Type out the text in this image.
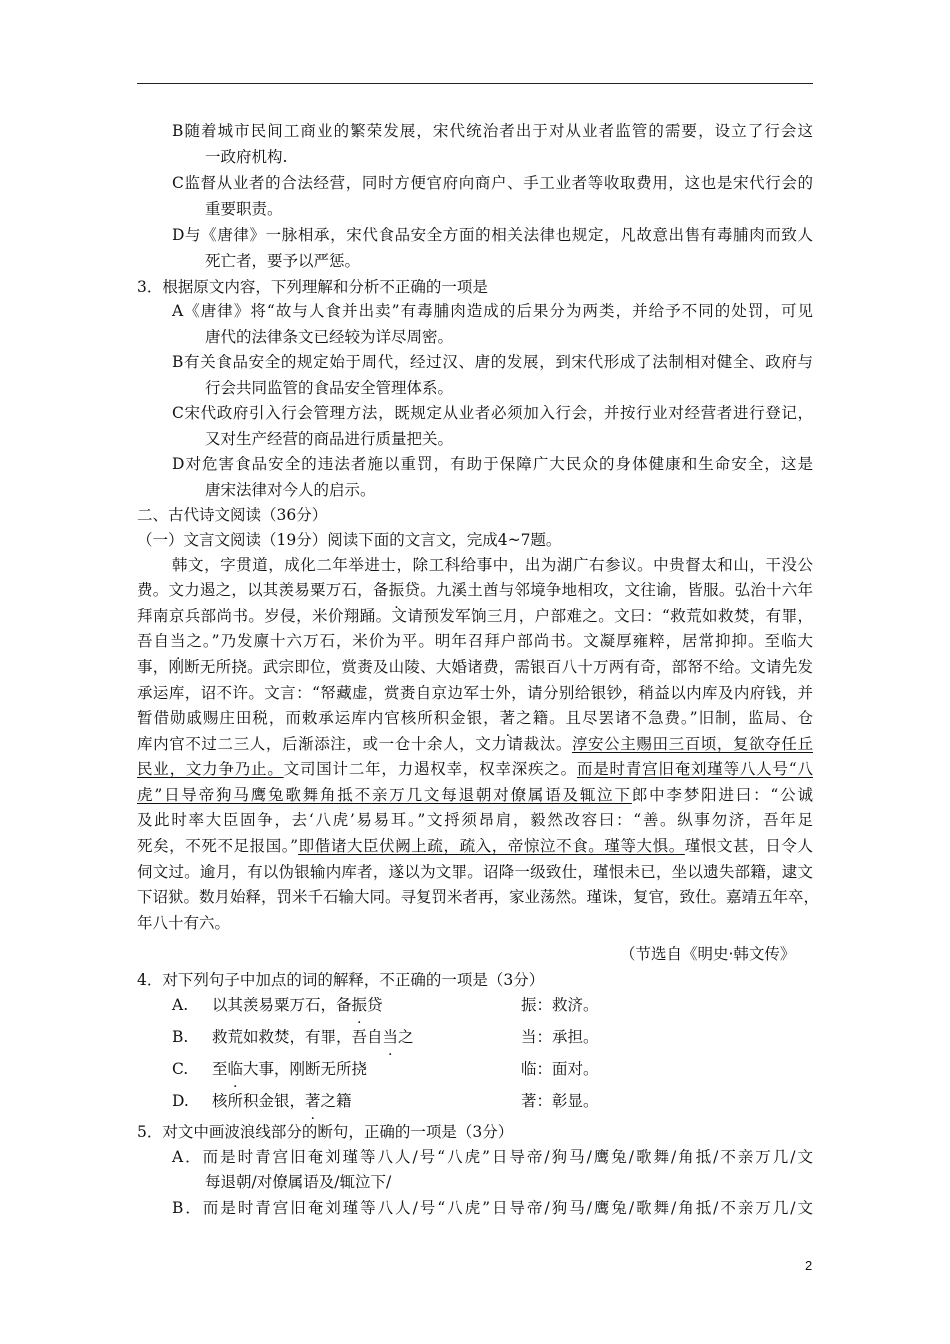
B随着城市民间工商业的繁荣发展，宋代统治者出于对从业者监管的需要，设立了行会这
一政府机构.
C监督从业者的合法经营，同时方便官府向商户、手工业者等收取费用，这也是宋代行会的
重要职责。
D与《唐律》一脉相承，宋代食品安全方面的相关法律也规定，凡故意出售有毒脯肉而致人
死亡者，要予以严惩。
3．根据原文内容，下列理解和分析不正确的一项是
A《唐律》将“故与人食并出卖”有毒脯肉造成的后果分为两类，并给予不同的处罚，可见
唐代的法律条文已经较为详尽周密。
B有关食品安全的规定始于周代，经过汉、唐的发展，到宋代形成了法制相对健全、政府与
行会共同监管的食品安全管理体系。
C宋代政府引入行会管理方法，既规定从业者必须加入行会，并按行业对经营者进行登记，
又对生产经营的商品进行质量把关。
D对危害食品安全的违法者施以重罚，有助于保障广大民众的身体健康和生命安全，这是
唐宋法律对今人的启示。
二、古代诗文阅读（36分）
（一）文言文阅读（19分）阅读下面的文言文，完成4~7题。
韩文，字贯道，成化二年举进士，除工科给事中，出为湖广右参议。中贵督太和山，干没公
费。文力遏之，以其羡易粟万石，备振贷。九溪土酋与邻境争地相攻，文往谕，皆服。弘治十六年
拜南京兵部尚书。岁侵，米价翔踊。文请预发军饷三月，户部难之。文曰：“救荒如救焚，有罪，
吾自当之。”乃发廪十六万石，米价为平。明年召拜户部尚书。文凝厚雍粹，居常抑抑。至临大
事，刚断无所挠。武宗即位，赏赉及山陵、大婚诸费，需银百八十万两有奇，部帑不给。文请先发
承运库，诏不许。文言：“帑藏虚，赏赉自京边军士外，请分别给银钞，稍益以内库及内府钱，并
暂借勋戚赐庄田税，而敕承运库内官核所积金银，著之籍。且尽罢诸不急费。”旧制，监局、仓
库内官不过二三人，后渐添注，或一仓十余人，文力请裁汰。淳安公主赐田三百顷，复欲夺任丘
民业，文力争乃止。文司国计二年，力遏权幸，权幸深疾之。而是时青宫旧奄刘瑾等八人号“八
虎”日导帝狗马鹰兔歌舞角抵不亲万几文每退朝对僚属语及辄泣下郎中李梦阳进曰：“公诚
及此时率大臣固争，去‘八虎’易易耳。”文捋须昂肩，毅然改容曰：“善。纵事勿济，吾年足
死矣，不死不足报国。”即偕诸大臣伏阙上疏，疏入，帝惊泣不食。瑾等大惧。瑾恨文甚，日令人
伺文过。逾月，有以伪银输内库者，遂以为文罪。诏降一级致仕，瑾恨未已，坐以遗失部籍，逮文
下诏狱。数月始释，罚米千石输大同。寻复罚米者再，家业荡然。瑾诛，复官，致仕。嘉靖五年卒，
年八十有六。
（节选自《明史·韩文传》
4．对下列句子中加点的词的解释，不正确的一项是（3分）
A. 以其羡易粟万石，备振贷	振：救济。
B. 救荒如救焚，有罪，吾自当之	当：承担。
C. 至临大事，刚断无所挠	临：面对。
D. 核所积金银，著之籍	著：彰显。
5．对文中画波浪线部分的断句，正确的一项是（3分）
A．而是时青宫旧奄刘瑾等八人/号“八虎”日导帝/狗马/鹰兔/歌舞/角抵/不亲万几/文
每退朝/对僚属语及/辄泣下/
B．而是时青宫旧奄刘瑾等八人/号“八虎”日导帝/狗马/鹰兔/歌舞/角抵/不亲万几/文
2
